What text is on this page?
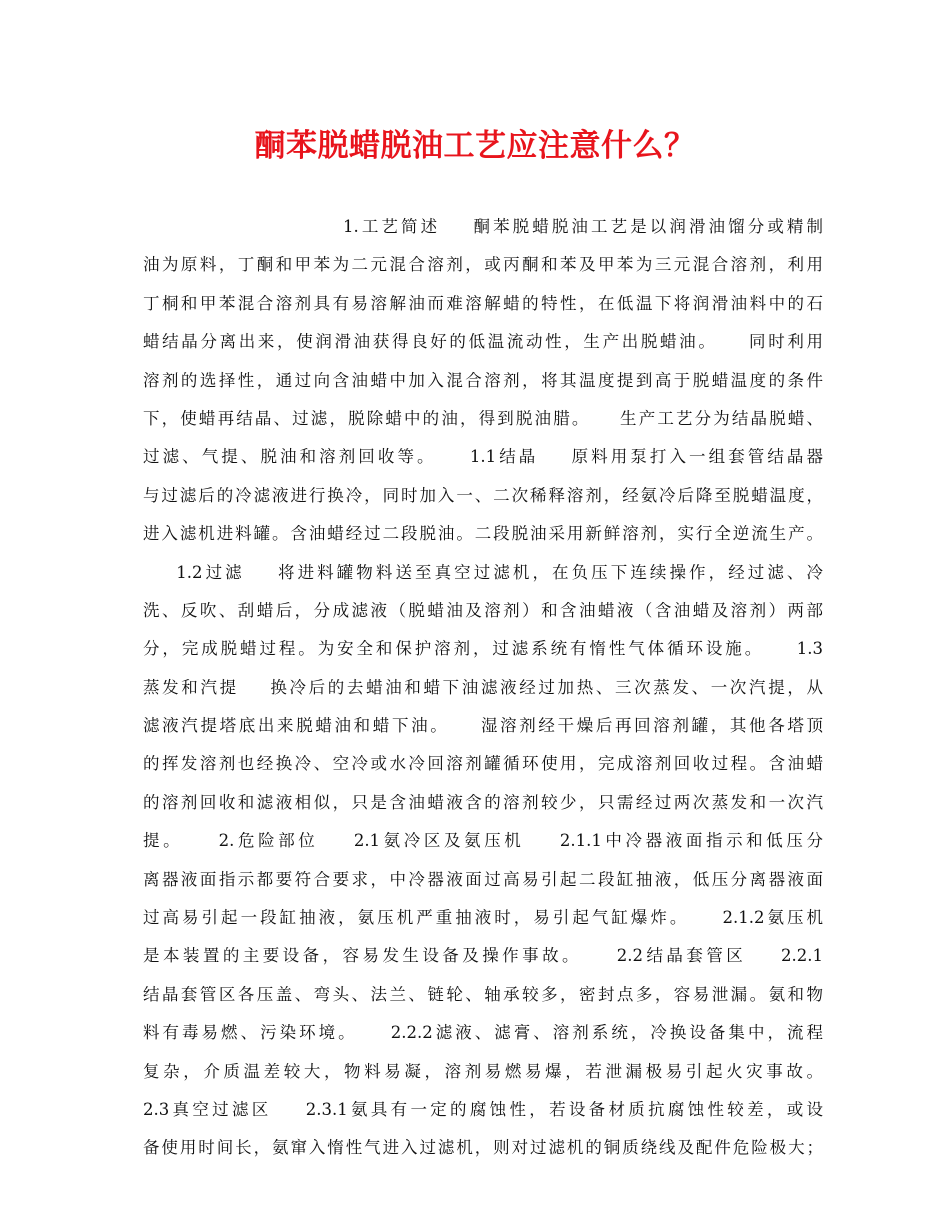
酮苯脱蜡脱油工艺应注意什么？
1.工艺简述    酮苯脱蜡脱油工艺是以润滑油馏分或精制
油为原料，丁酮和甲苯为二元混合溶剂，或丙酮和苯及甲苯为三元混合溶剂，利用
丁桐和甲苯混合溶剂具有易溶解油而难溶解蜡的特性，在低温下将润滑油料中的石
蜡结晶分离出来，使润滑油获得良好的低温流动性，生产出脱蜡油。    同时利用
溶剂的选择性，通过向含油蜡中加入混合溶剂，将其温度提到高于脱蜡温度的条件
下，使蜡再结晶、过滤，脱除蜡中的油，得到脱油腊。    生产工艺分为结晶脱蜡、
过滤、气提、脱油和溶剂回收等。    1.1结晶    原料用泵打入一组套管结晶器
与过滤后的冷滤液进行换冷，同时加入一、二次稀释溶剂，经氨冷后降至脱蜡温度，
进入滤机进料罐。含油蜡经过二段脱油。二段脱油采用新鲜溶剂，实行全逆流生产。
1.2过滤    将进料罐物料送至真空过滤机，在负压下连续操作，经过滤、冷
洗、反吹、刮蜡后，分成滤液（脱蜡油及溶剂）和含油蜡液（含油蜡及溶剂）两部
分，完成脱蜡过程。为安全和保护溶剂，过滤系统有惰性气体循环设施。    1.3
蒸发和汽提    换冷后的去蜡油和蜡下油滤液经过加热、三次蒸发、一次汽提，从
滤液汽提塔底出来脱蜡油和蜡下油。    湿溶剂经干燥后再回溶剂罐，其他各塔顶
的挥发溶剂也经换冷、空冷或水冷回溶剂罐循环使用，完成溶剂回收过程。含油蜡
的溶剂回收和滤液相似，只是含油蜡液含的溶剂较少，只需经过两次蒸发和一次汽
提。    2.危险部位    2.1氨冷区及氨压机    2.1.1中冷器液面指示和低压分
离器液面指示都要符合要求，中冷器液面过高易引起二段缸抽液，低压分离器液面
过高易引起一段缸抽液，氨压机严重抽液时，易引起气缸爆炸。    2.1.2氨压机
是本装置的主要设备，容易发生设备及操作事故。    2.2结晶套管区    2.2.1
结晶套管区各压盖、弯头、法兰、链轮、轴承较多，密封点多，容易泄漏。氨和物
料有毒易燃、污染环境。    2.2.2滤液、滤膏、溶剂系统，冷换设备集中，流程
复杂，介质温差较大，物料易凝，溶剂易燃易爆，若泄漏极易引起火灾事故。
2.3真空过滤区    2.3.1氨具有一定的腐蚀性，若设备材质抗腐蚀性较差，或设
备使用时间长，氨窜入惰性气进入过滤机，则对过滤机的铜质绕线及配件危险极大；
